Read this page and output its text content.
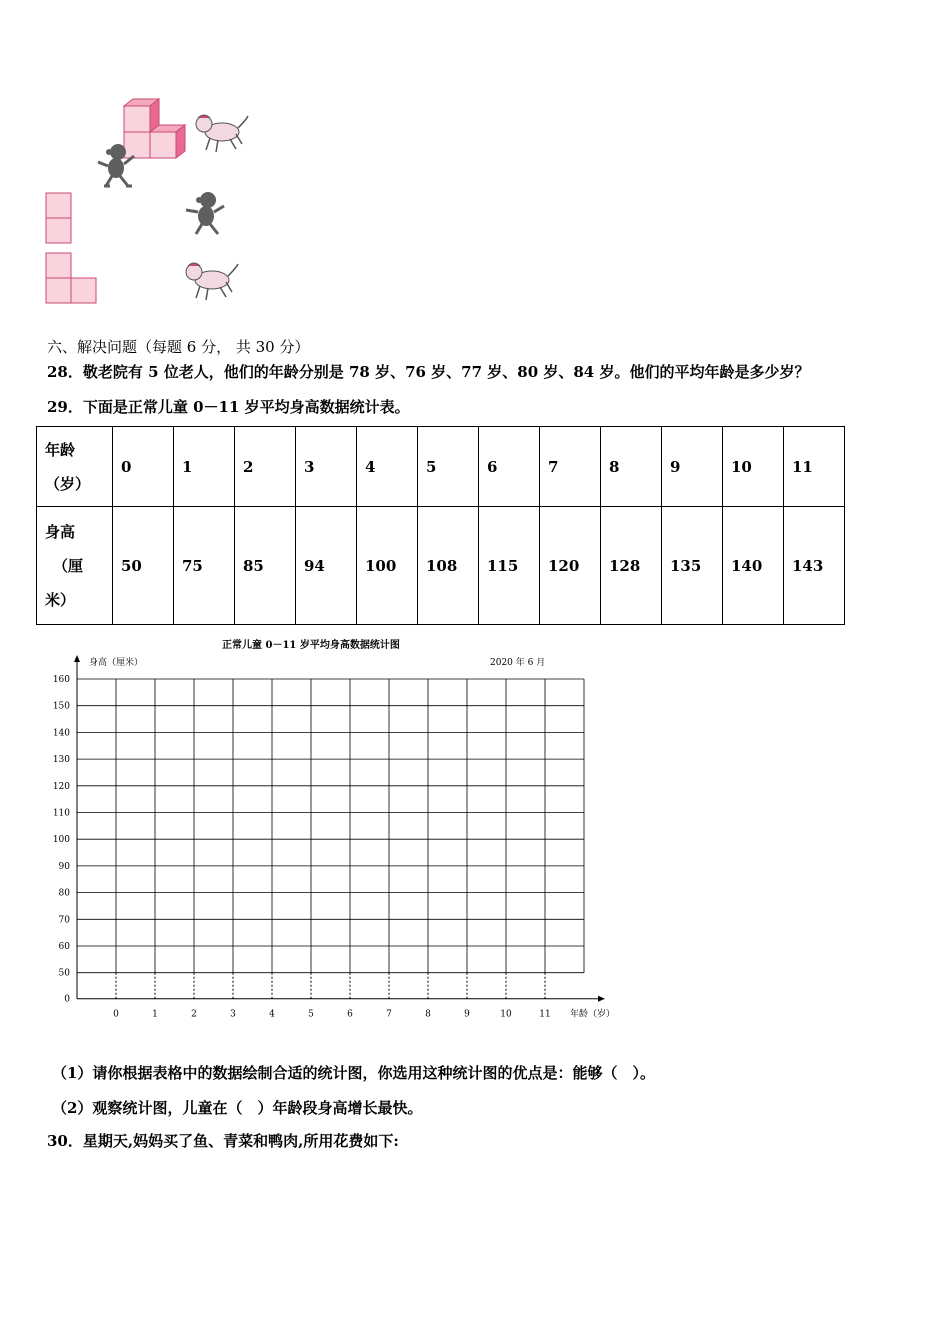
六、解决问题（每题 6 分， 共 30 分）
28．敬老院有 5 位老人，他们的年龄分别是 78 岁、76 岁、77 岁、80 岁、84 岁。他们的平均年龄是多少岁？
29．下面是正常儿童 0－11 岁平均身高数据统计表。
年龄
（岁）	0	1	2	3	4	5	6	7	8	9	10	11

身高
（厘
米）	50	75	85	94	100	108	115	120	128	135	140	143
正常儿童 0－11 岁平均身高数据统计图
0
50
60
70
80
90
100
110
120
130
140
150
160
0	1	2	3	4	5	6	7	8	9	10	11
身高（厘米）
年龄（岁）
2020 年 6 月
（1）请你根据表格中的数据绘制合适的统计图，你选用这种统计图的优点是：能够（　）。
（2）观察统计图，儿童在（　）年龄段身高增长最快。
30．星期天,妈妈买了鱼、青菜和鸭肉,所用花费如下:
